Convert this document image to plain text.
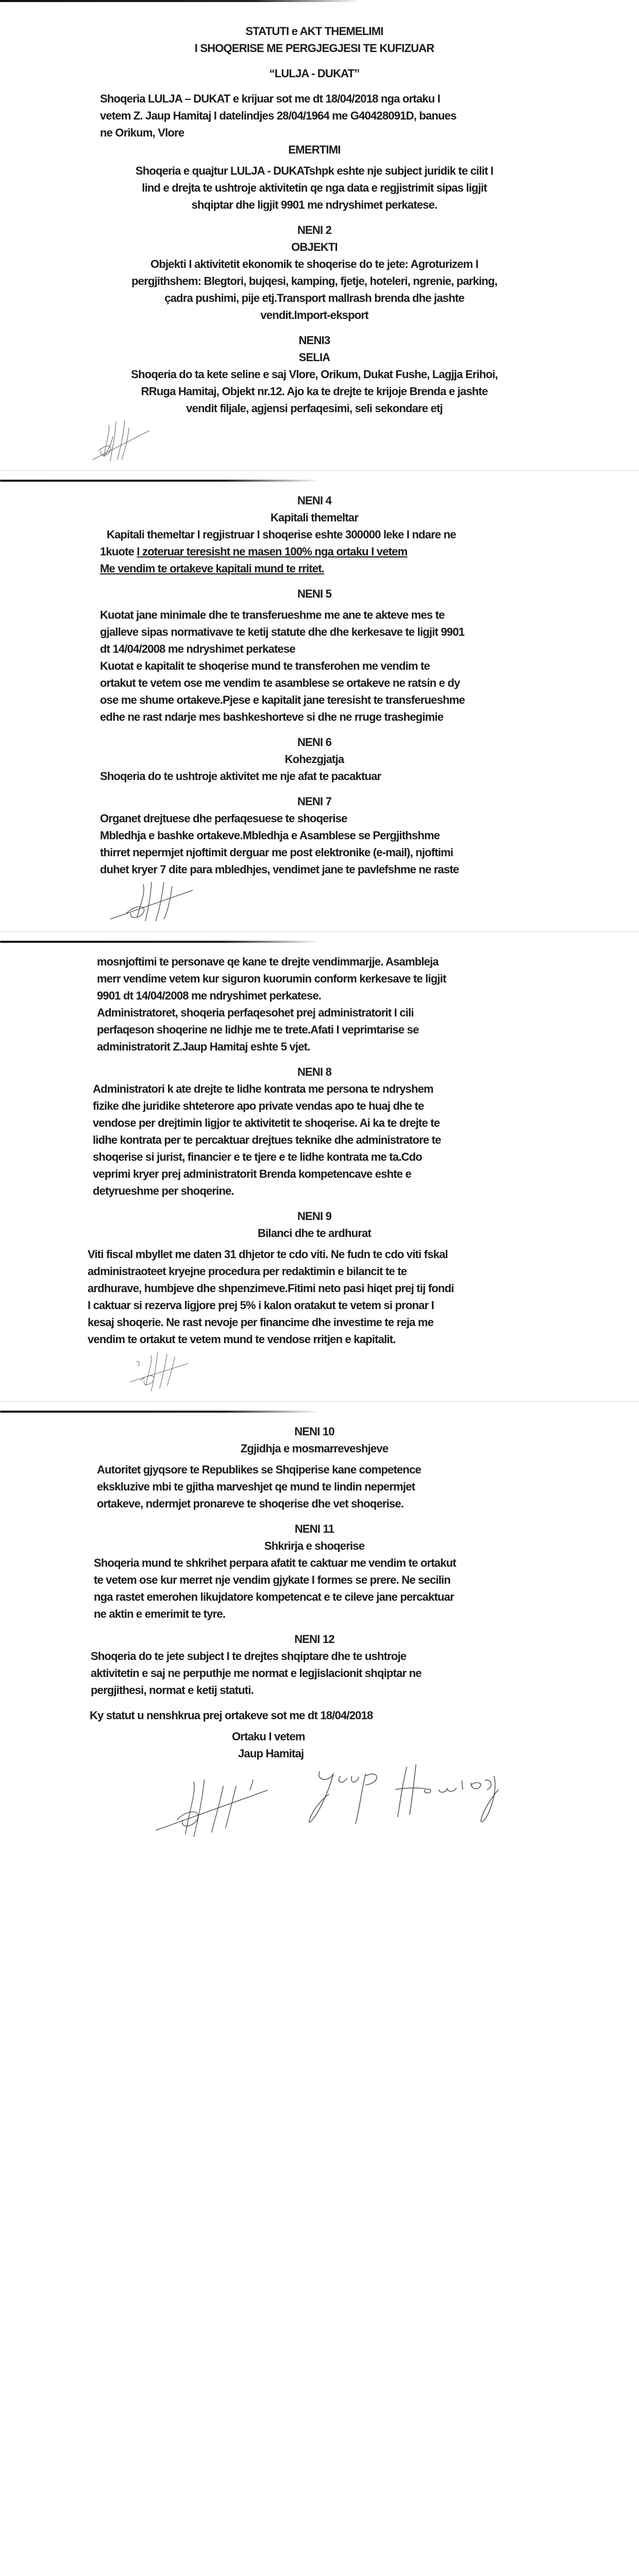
STATUTI e AKT THEMELIMI
I SHOQERISE ME PERGJEGJESI TE KUFIZUAR
“LULJA - DUKAT”
Shoqeria LULJA – DUKAT e krijuar sot me dt 18/04/2018 nga ortaku I
vetem Z. Jaup Hamitaj I datelindjes 28/04/1964 me G40428091D, banues
ne Orikum, Vlore
EMERTIMI
Shoqeria e quajtur LULJA - DUKATshpk eshte nje subject juridik te cilit I
lind e drejta te ushtroje aktivitetin qe nga data e regjistrimit sipas ligjit
shqiptar dhe ligjit 9901 me ndryshimet perkatese.
NENI 2
OBJEKTI
Objekti I aktivitetit ekonomik te shoqerise do te jete: Agroturizem I
pergjithshem: Blegtori, bujqesi, kamping, fjetje, hoteleri, ngrenie, parking,
çadra pushimi, pije etj.Transport mallrash brenda dhe jashte
vendit.Import-eksport
NENI3
SELIA
Shoqeria do ta kete seline e saj Vlore, Orikum, Dukat Fushe, Lagjja Erihoi,
RRuga Hamitaj, Objekt nr.12. Ajo ka te drejte te krijoje Brenda e jashte
vendit filjale, agjensi perfaqesimi, seli sekondare etj
NENI 4
Kapitali themeltar
Kapitali themeltar I regjistruar I shoqerise eshte 300000 leke I ndare ne
1kuote I zoteruar teresisht ne masen 100% nga ortaku I vetem
Me vendim te ortakeve kapitali mund te rritet.
NENI 5
Kuotat jane minimale dhe te transferueshme me ane te akteve mes te
gjalleve sipas normativave te ketij statute dhe dhe kerkesave te ligjit 9901
dt 14/04/2008 me ndryshimet perkatese
Kuotat e kapitalit te shoqerise mund te transferohen me vendim te
ortakut te vetem ose me vendim te asamblese se ortakeve ne ratsin e dy
ose me shume ortakeve.Pjese e kapitalit jane teresisht te transferueshme
edhe ne rast ndarje mes bashkeshorteve si dhe ne rruge trashegimie
NENI 6
Kohezgjatja
Shoqeria do te ushtroje aktivitet me nje afat te pacaktuar
NENI 7
Organet drejtuese dhe perfaqesuese te shoqerise
Mbledhja e bashke ortakeve.Mbledhja e Asamblese se Pergjithshme
thirret nepermjet njoftimit derguar me post elektronike (e-mail), njoftimi
duhet kryer 7 dite para mbledhjes, vendimet jane te pavlefshme ne raste
mosnjoftimi te personave qe kane te drejte vendimmarjje. Asambleja
merr vendime vetem kur siguron kuorumin conform kerkesave te ligjit
9901 dt 14/04/2008 me ndryshimet perkatese.
Administratoret, shoqeria perfaqesohet prej administratorit I cili
perfaqeson shoqerine ne lidhje me te trete.Afati I veprimtarise se
administratorit Z.Jaup Hamitaj eshte 5 vjet.
NENI 8
Administratori k ate drejte te lidhe kontrata me persona te ndryshem
fizike dhe juridike shteterore apo private vendas apo te huaj dhe te
vendose per drejtimin ligjor te aktivitetit te shoqerise. Ai ka te drejte te
lidhe kontrata per te percaktuar drejtues teknike dhe administratore te
shoqerise si jurist, financier e te tjere e te lidhe kontrata me ta.Cdo
veprimi kryer prej administratorit Brenda kompetencave eshte e
detyrueshme per shoqerine.
NENI 9
Bilanci dhe te ardhurat
Viti fiscal mbyllet me daten 31 dhjetor te cdo viti. Ne fudn te cdo viti fskal
administraoteet kryejne procedura per redaktimin e bilancit te te
ardhurave, humbjeve dhe shpenzimeve.Fitimi neto pasi hiqet prej tij fondi
I caktuar si rezerva ligjore prej 5% i kalon oratakut te vetem si pronar I
kesaj shoqerie. Ne rast nevoje per financime dhe investime te reja me
vendim te ortakut te vetem mund te vendose rritjen e kapitalit.
NENI 10
Zgjidhja e mosmarreveshjeve
Autoritet gjyqsore te Republikes se Shqiperise kane competence
ekskluzive mbi te gjitha marveshjet qe mund te lindin nepermjet
ortakeve, ndermjet pronareve te shoqerise dhe vet shoqerise.
NENI 11
Shkrirja e shoqerise
Shoqeria mund te shkrihet perpara afatit te caktuar me vendim te ortakut
te vetem ose kur merret nje vendim gjykate I formes se prere. Ne secilin
nga rastet emerohen likujdatore kompetencat e te cileve jane percaktuar
ne aktin e emerimit te tyre.
NENI 12
Shoqeria do te jete subject I te drejtes shqiptare dhe te ushtroje
aktivitetin e saj ne perputhje me normat e legjislacionit shqiptar ne
pergjithesi, normat e ketij statuti.
Ky statut u nenshkrua prej ortakeve sot me dt 18/04/2018
Ortaku I vetem
Jaup Hamitaj
